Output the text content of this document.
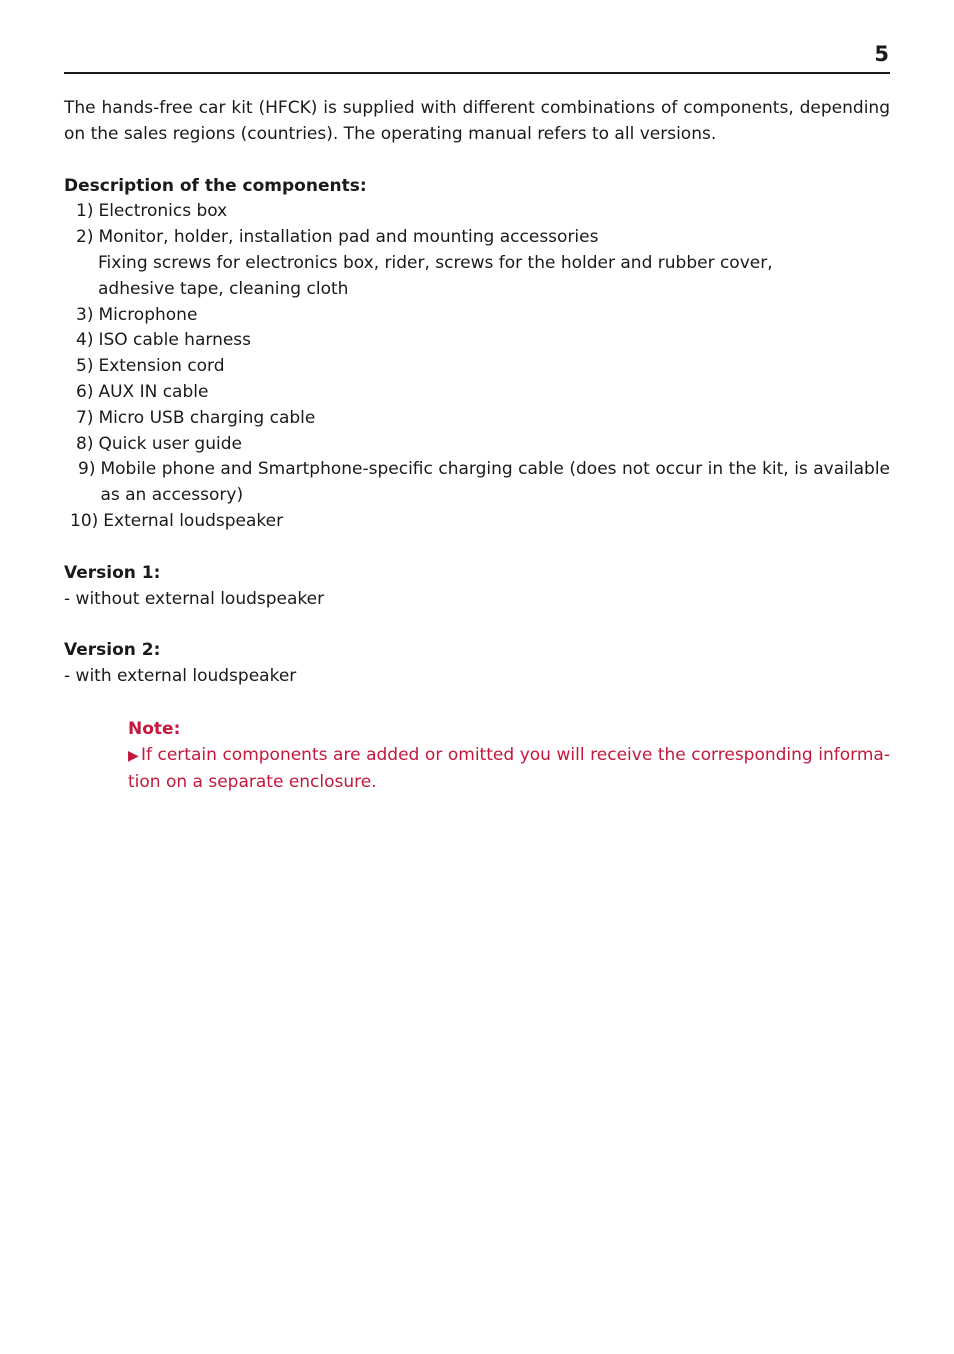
5

The hands-free car kit (HFCK) is supplied with different combinations of components, depending on the sales regions (countries). The operating manual refers to all versions.

Description of the components:

1) Electronics box
2) Monitor, holder, installation pad and mounting accessories
Fixing screws for electronics box, rider, screws for the holder and rubber cover,
adhesive tape, cleaning cloth
3) Microphone
4) ISO cable harness
5) Extension cord
6) AUX IN cable
7) Micro USB charging cable
8) Quick user guide
9) Mobile phone and Smartphone-specific charging cable (does not occur in the kit, is available as an accessory)
10) External loudspeaker

Version 1:

- without external loudspeaker

Version 2:

- with external loudspeaker

Note:
▶ If certain components are added or omitted you will receive the corresponding informa-tion on a separate enclosure.
